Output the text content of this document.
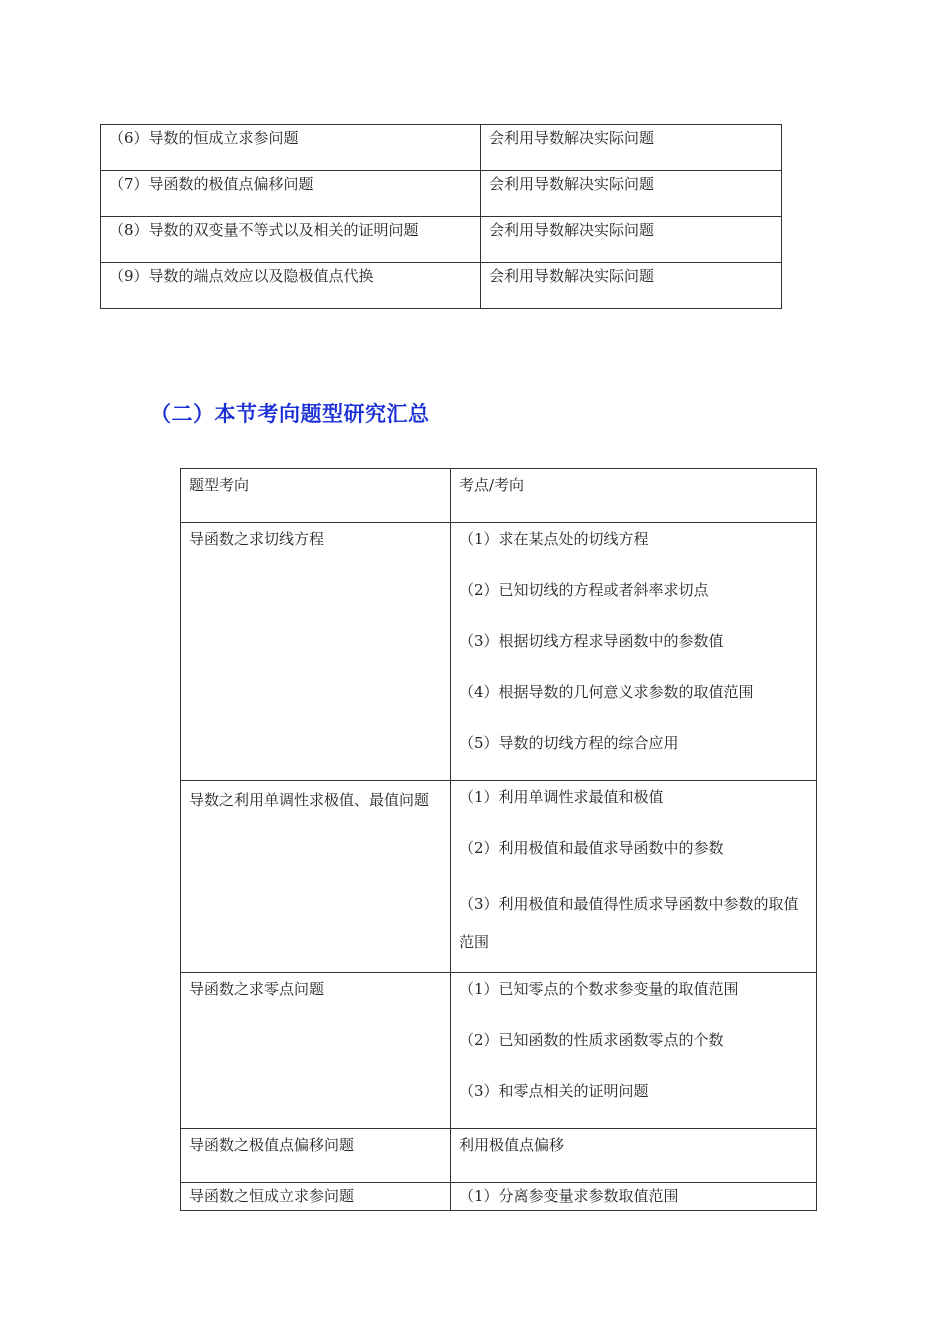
（6）导数的恒成立求参问题	会利用导数解决实际问题
（7）导函数的极值点偏移问题	会利用导数解决实际问题
（8）导数的双变量不等式以及相关的证明问题	会利用导数解决实际问题
（9）导数的端点效应以及隐极值点代换	会利用导数解决实际问题
（二）本节考向题型研究汇总
题型考向	考点/考向

导函数之求切线方程	（1）求在某点处的切线方程
（2）已知切线的方程或者斜率求切点
（3）根据切线方程求导函数中的参数值
（4）根据导数的几何意义求参数的取值范围
（5）导数的切线方程的综合应用

导数之利用单调性求极值、最值问题	（1）利用单调性求最值和极值
（2）利用极值和最值求导函数中的参数
（3）利用极值和最值得性质求导函数中参数的取值范围

导函数之求零点问题	（1）已知零点的个数求参变量的取值范围
（2）已知函数的性质求函数零点的个数
（3）和零点相关的证明问题

导函数之极值点偏移问题	利用极值点偏移

导函数之恒成立求参问题	（1）分离参变量求参数取值范围
